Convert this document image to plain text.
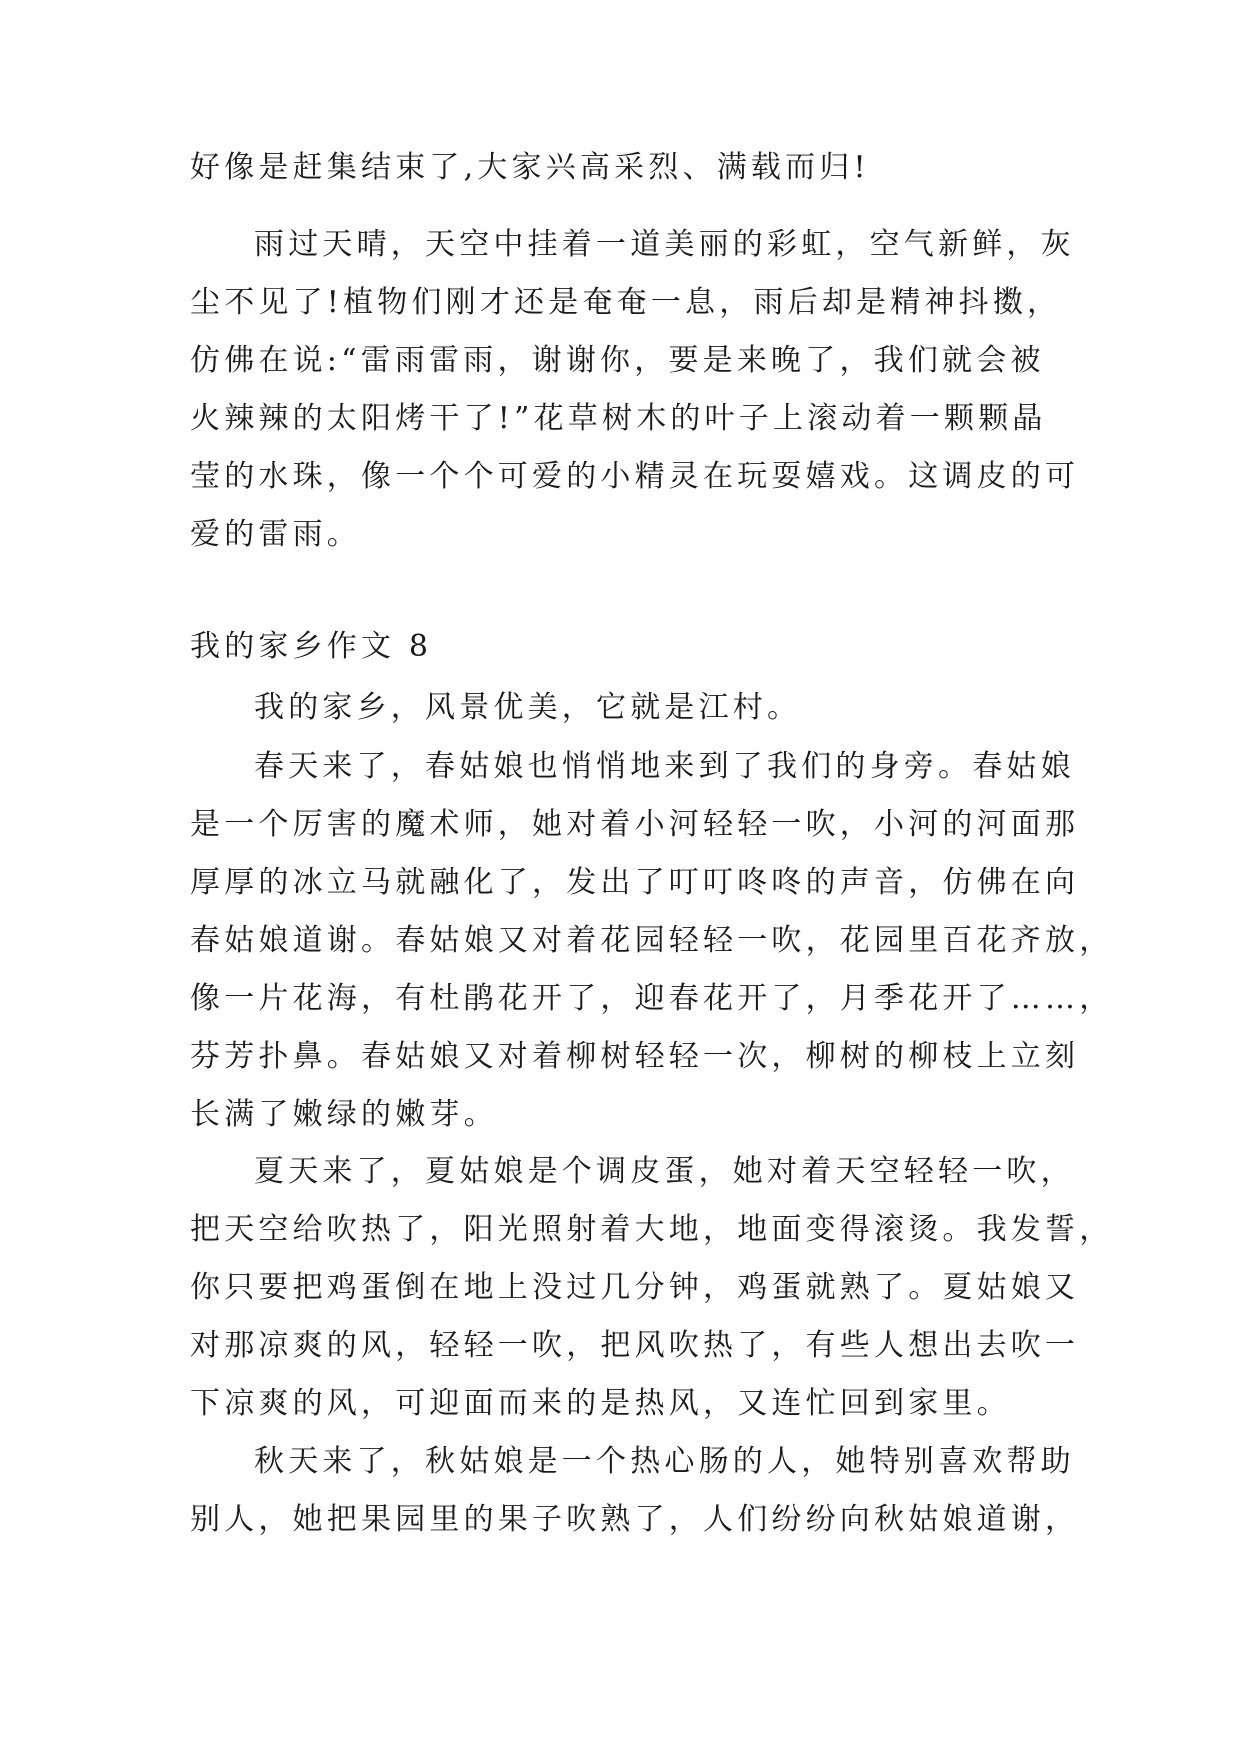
好像是赶集结束了,大家兴高采烈、满载而归!
雨过天晴，天空中挂着一道美丽的彩虹，空气新鲜，灰
尘不见了!植物们刚才还是奄奄一息，雨后却是精神抖擞，
仿佛在说:“雷雨雷雨，谢谢你，要是来晚了，我们就会被
火辣辣的太阳烤干了!”花草树木的叶子上滚动着一颗颗晶
莹的水珠，像一个个可爱的小精灵在玩耍嬉戏。这调皮的可
爱的雷雨。
我的家乡作文 8
我的家乡，风景优美，它就是江村。
春天来了，春姑娘也悄悄地来到了我们的身旁。春姑娘
是一个厉害的魔术师，她对着小河轻轻一吹，小河的河面那
厚厚的冰立马就融化了，发出了叮叮咚咚的声音，仿佛在向
春姑娘道谢。春姑娘又对着花园轻轻一吹，花园里百花齐放，
像一片花海，有杜鹃花开了，迎春花开了，月季花开了……，
芬芳扑鼻。春姑娘又对着柳树轻轻一次，柳树的柳枝上立刻
长满了嫩绿的嫩芽。
夏天来了，夏姑娘是个调皮蛋，她对着天空轻轻一吹，
把天空给吹热了，阳光照射着大地，地面变得滚烫。我发誓，
你只要把鸡蛋倒在地上没过几分钟，鸡蛋就熟了。夏姑娘又
对那凉爽的风，轻轻一吹，把风吹热了，有些人想出去吹一
下凉爽的风，可迎面而来的是热风，又连忙回到家里。
秋天来了，秋姑娘是一个热心肠的人，她特别喜欢帮助
别人，她把果园里的果子吹熟了，人们纷纷向秋姑娘道谢，
